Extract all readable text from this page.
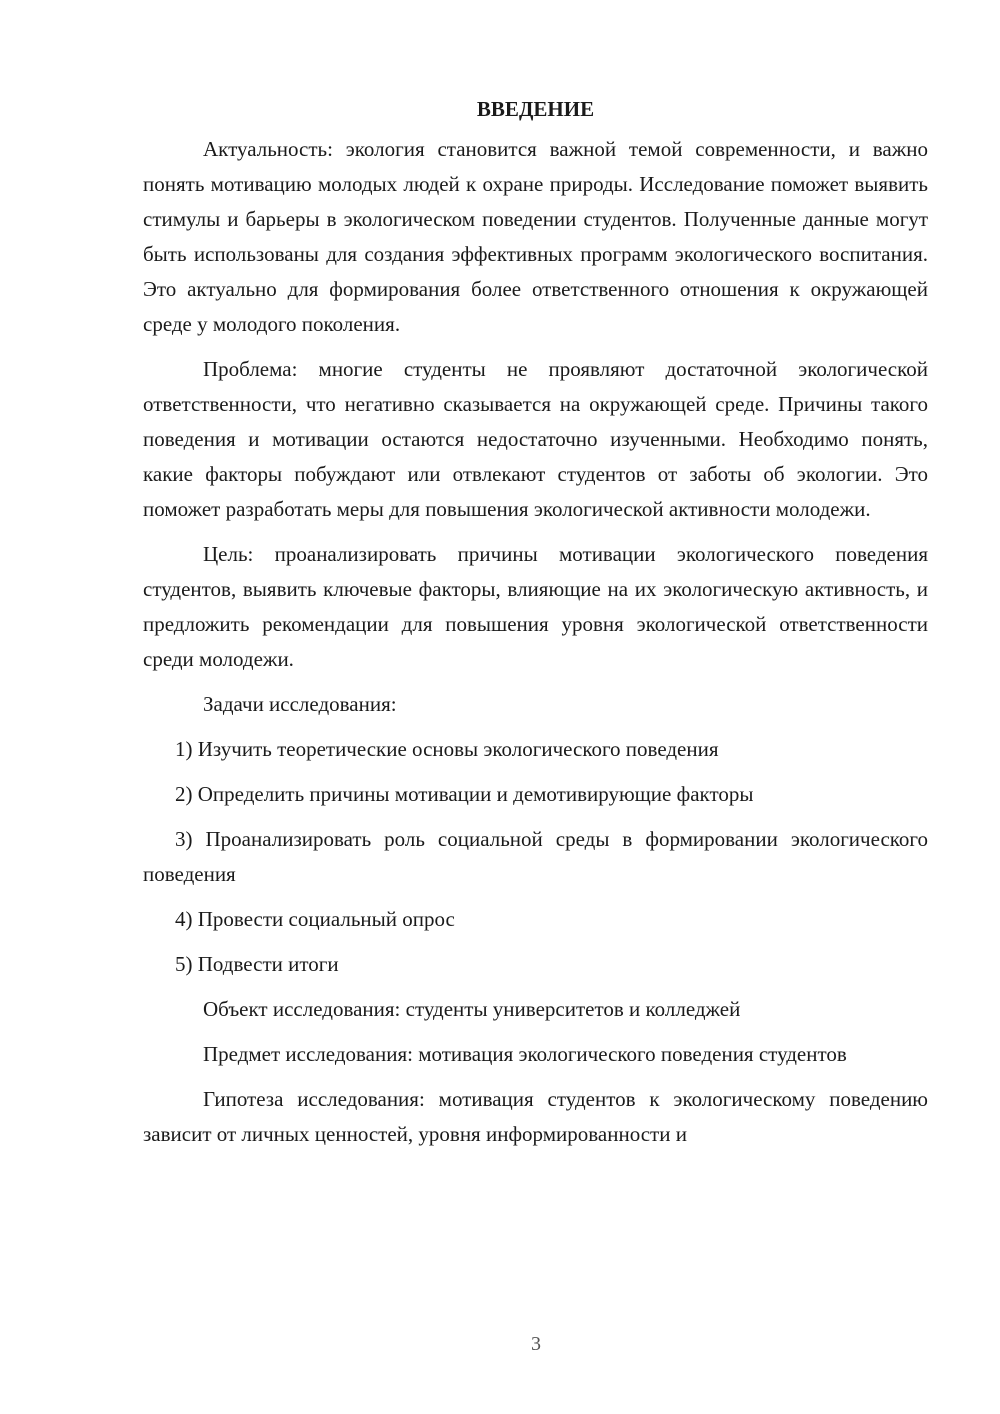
ВВЕДЕНИЕ

Актуальность: экология становится важной темой современности, и важно понять мотивацию молодых людей к охране природы. Исследование поможет выявить стимулы и барьеры в экологическом поведении студентов. Полученные данные могут быть использованы для создания эффективных программ экологического воспитания. Это актуально для формирования более ответственного отношения к окружающей среде у молодого поколения.

Проблема: многие студенты не проявляют достаточной экологической ответственности, что негативно сказывается на окружающей среде. Причины такого поведения и мотивации остаются недостаточно изученными. Необходимо понять, какие факторы побуждают или отвлекают студентов от заботы об экологии. Это поможет разработать меры для повышения экологической активности молодежи.

Цель: проанализировать причины мотивации экологического поведения студентов, выявить ключевые факторы, влияющие на их экологическую активность, и предложить рекомендации для повышения уровня экологической ответственности среди молодежи.

Задачи исследования:

1) Изучить теоретические основы экологического поведения

2) Определить причины мотивации и демотивирующие факторы

3) Проанализировать роль социальной среды в формировании экологического поведения

4) Провести социальный опрос

5) Подвести итоги

Объект исследования: студенты университетов и колледжей

Предмет исследования: мотивация экологического поведения студентов

Гипотеза исследования: мотивация студентов к экологическому поведению зависит от личных ценностей, уровня информированности и

3
